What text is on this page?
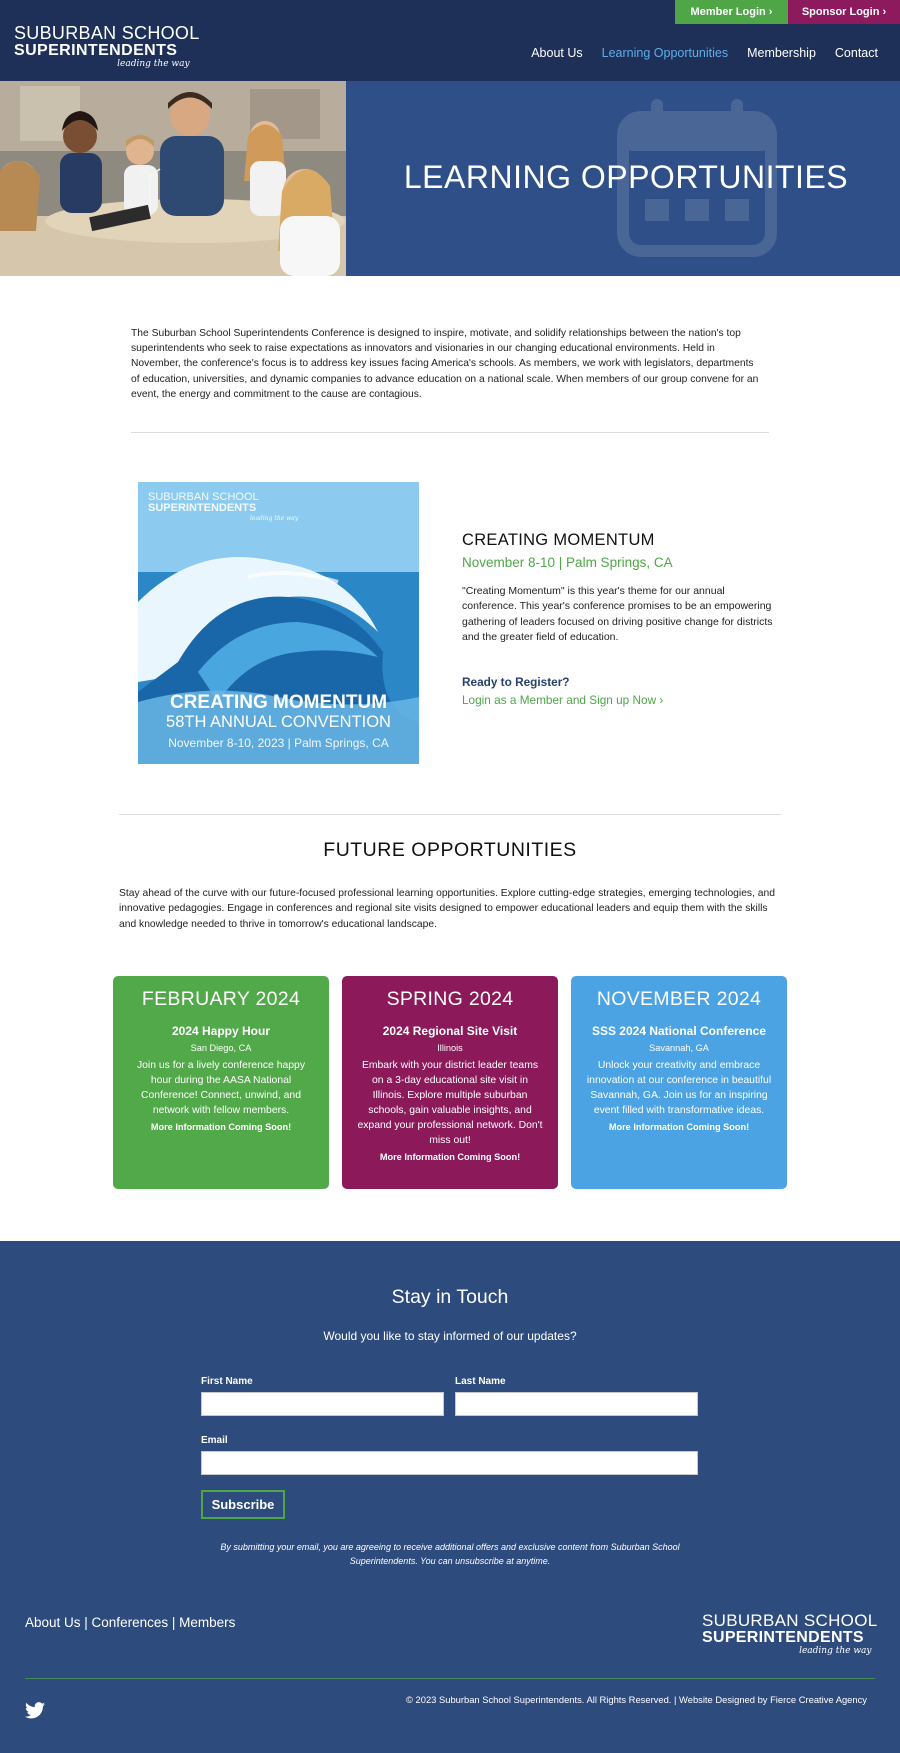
SUBURBAN SCHOOL
SUPERINTENDENTS
leading the way
Member Login ›	Sponsor Login ›
About Us Learning Opportunities Membership Contact
LEARNING OPPORTUNITIES

The Suburban School Superintendents Conference is designed to inspire, motivate, and solidify relationships between the nation's top superintendents who seek to raise expectations as innovators and visionaries in our changing educational environments. Held in November, the conference's focus is to address key issues facing America's schools. As members, we work with legislators, departments of education, universities, and dynamic companies to advance education on a national scale. When members of our group convene for an event, the energy and commitment to the cause are contagious.

SUBURBAN SCHOOL
SUPERINTENDENTS
leading the way
CREATING MOMENTUM
58TH ANNUAL CONVENTION
November 8-10, 2023 | Palm Springs, CA
CREATING MOMENTUM
November 8-10 | Palm Springs, CA

"Creating Momentum" is this year's theme for our annual conference. This year's conference promises to be an empowering gathering of leaders focused on driving positive change for districts and the greater field of education.

Ready to Register?
Login as a Member and Sign up Now ›
FUTURE OPPORTUNITIES

Stay ahead of the curve with our future-focused professional learning opportunities. Explore cutting-edge strategies, emerging technologies, and innovative pedagogies. Engage in conferences and regional site visits designed to empower educational leaders and equip them with the skills and knowledge needed to thrive in tomorrow's educational landscape.

FEBRUARY 2024
2024 Happy Hour
San Diego, CA
Join us for a lively conference happy hour during the AASA National Conference! Connect, unwind, and network with fellow members.
More Information Coming Soon!
SPRING 2024
2024 Regional Site Visit
Illinois
Embark with your district leader teams on a 3-day educational site visit in Illinois. Explore multiple suburban schools, gain valuable insights, and expand your professional network. Don't miss out!
More Information Coming Soon!
NOVEMBER 2024
SSS 2024 National Conference
Savannah, GA
Unlock your creativity and embrace innovation at our conference in beautiful Savannah, GA. Join us for an inspiring event filled with transformative ideas.
More Information Coming Soon!
Stay in Touch
Would you like to stay informed of our updates?
First Name	Last Name
Email
Subscribe

By submitting your email, you are agreeing to receive additional offers and exclusive content from Suburban School Superintendents. You can unsubscribe at anytime.

About Us | Conferences | Members	SUBURBAN SCHOOL
SUPERINTENDENTS
leading the way
© 2023 Suburban School Superintendents. All Rights Reserved. | Website Designed by Fierce Creative Agency
